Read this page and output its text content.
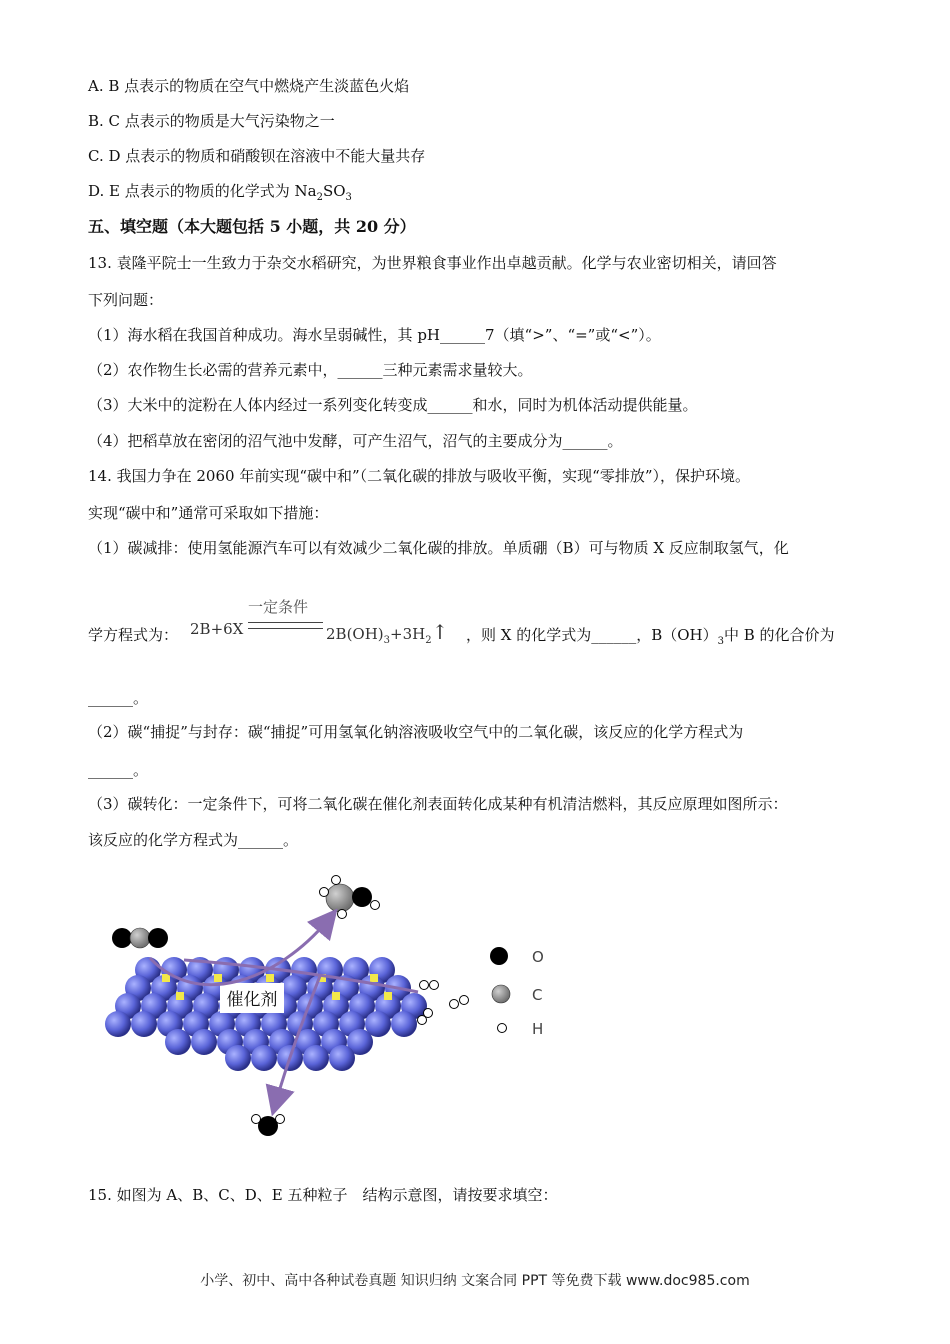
A. B 点表示的物质在空气中燃烧产生淡蓝色火焰
B. C 点表示的物质是大气污染物之一
C. D 点表示的物质和硝酸钡在溶液中不能大量共存
D. E 点表示的物质的化学式为 $Na_2SO_3$
五、填空题（本大题包括 5 小题，共 20 分）
13. 袁隆平院士一生致力于杂交水稻研究，为世界粮食事业作出卓越贡献。化学与农业密切相关，请回答
下列问题：
（1）海水稻在我国首种成功。海水呈弱碱性，其 pH______7（填“>”、“=”或“<”）。
（2）农作物生长必需的营养元素中，______三种元素需求量较大。
（3）大米中的淀粉在人体内经过一系列变化转变成______和水，同时为机体活动提供能量。
（4）把稻草放在密闭的沼气池中发酵，可产生沼气，沼气的主要成分为______。
14. 我国力争在 2060 年前实现“碳中和”（二氧化碳的排放与吸收平衡，实现“零排放”），保护环境。
实现“碳中和”通常可采取如下措施：
（1）碳减排：使用氢能源汽车可以有效减少二氧化碳的排放。单质硼（B）可与物质 X 反应制取氢气，化
学方程式为： 2B+6X
一定条件
$2B(OH)_3+3H_2↑$ ，则 X 的化学式为______，$B(OH)_3$中 B 的化合价为
______。
（2）碳“捕捉”与封存：碳“捕捉”可用氢氧化钠溶液吸收空气中的二氧化碳，该反应的化学方程式为
______。
（3）碳转化：一定条件下，可将二氧化碳在催化剂表面转化成某种有机清洁燃料，其反应原理如图所示：
该反应的化学方程式为______。
催化剂
O
C
H
15. 如图为 A、B、C、D、E 五种粒子　结构示意图，请按要求填空：
小学、初中、高中各种试卷真题 知识归纳 文案合同 PPT 等免费下载 www.doc985.com
